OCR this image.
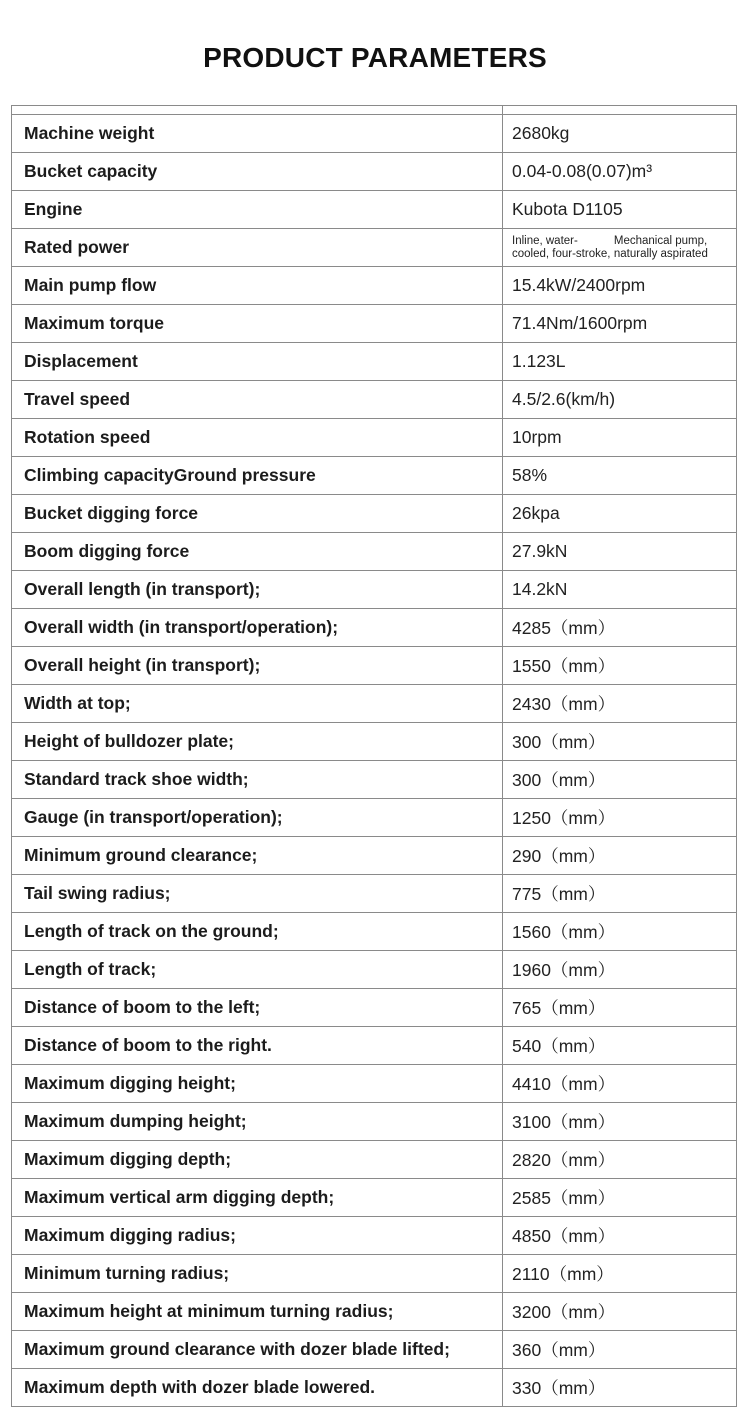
PRODUCT PARAMETERS
Machine weight	2680kg
Bucket capacity	0.04-0.08(0.07)m³
Engine	Kubota D1105
Rated power	Inline, water-cooled, four-stroke,
Mechanical pump, naturally aspirated
Main pump flow	15.4kW/2400rpm
Maximum torque	71.4Nm/1600rpm
Displacement	1.123L
Travel speed	4.5/2.6(km/h)
Rotation speed	10rpm
Climbing capacityGround pressure	58%
Bucket digging force	26kpa
Boom digging force	27.9kN
Overall length (in transport);	14.2kN
Overall width (in transport/operation);	4285（mm）
Overall height (in transport);	1550（mm）
Width at top;	2430（mm）
Height of bulldozer plate;	300（mm）
Standard track shoe width;	300（mm）
Gauge (in transport/operation);	1250（mm）
Minimum ground clearance;	290（mm）
Tail swing radius;	775（mm）
Length of track on the ground;	1560（mm）
Length of track;	1960（mm）
Distance of boom to the left;	765（mm）
Distance of boom to the right.	540（mm）
Maximum digging height;	4410（mm）
Maximum dumping height;	3100（mm）
Maximum digging depth;	2820（mm）
Maximum vertical arm digging depth;	2585（mm）
Maximum digging radius;	4850（mm）
Minimum turning radius;	2110（mm）
Maximum height at minimum turning radius;	3200（mm）
Maximum ground clearance with dozer blade lifted;	360（mm）
Maximum depth with dozer blade lowered.	330（mm）
